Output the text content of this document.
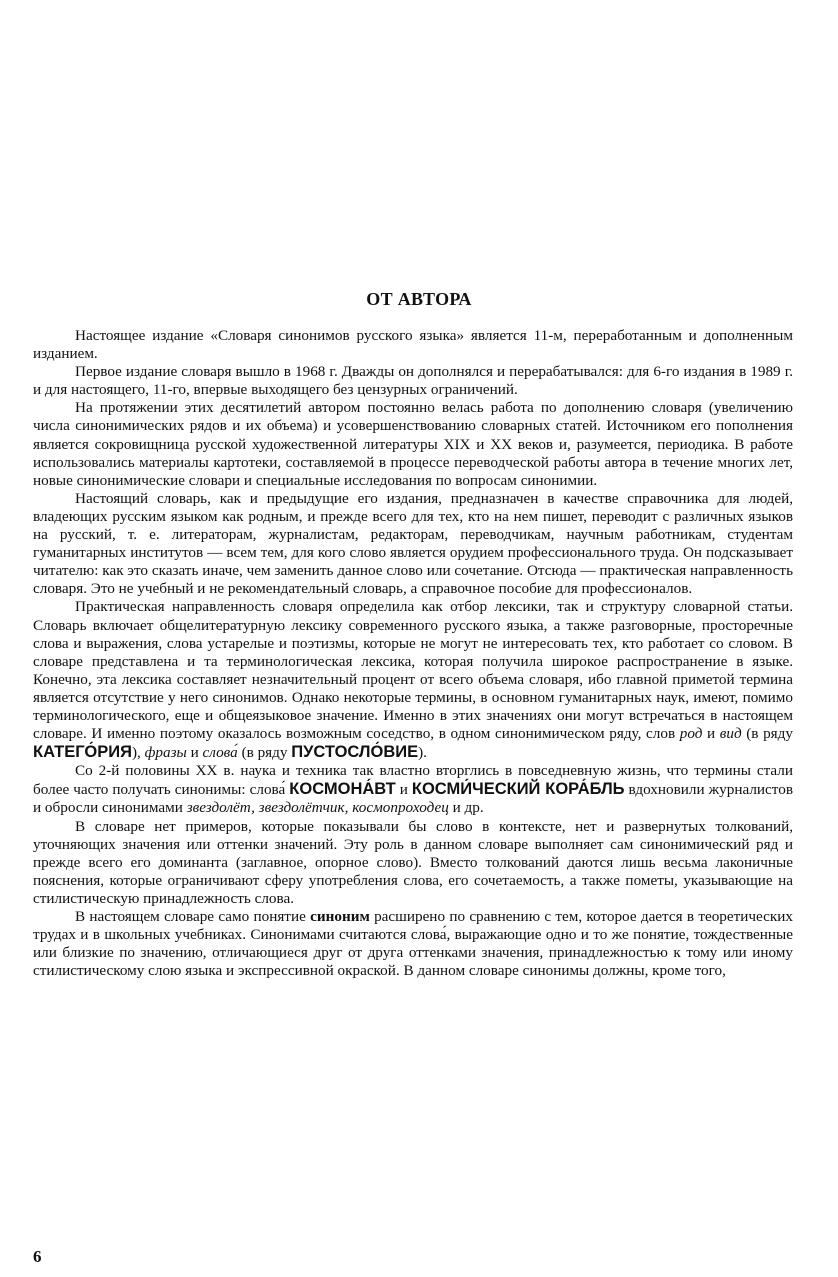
ОТ АВТОРА

Настоящее издание «Словаря синонимов русского языка» является 11-м, переработанным и дополненным изданием.

Первое издание словаря вышло в 1968 г. Дважды он дополнялся и перерабатывался: для 6-го издания в 1989 г. и для настоящего, 11-го, впервые выходящего без цензурных ограничений.

На протяжении этих десятилетий автором постоянно велась работа по дополнению словаря (увеличению числа синонимических рядов и их объема) и усовершенствованию словарных статей. Источником его пополнения является сокровищница русской художественной литературы XIX и XX веков и, разумеется, периодика. В работе использовались материалы картотеки, составляемой в процессе переводческой работы автора в течение многих лет, новые синонимические словари и специальные исследования по вопросам синонимии.

Настоящий словарь, как и предыдущие его издания, предназначен в качестве справочника для людей, владеющих русским языком как родным, и прежде всего для тех, кто на нем пишет, переводит с различных языков на русский, т. е. литераторам, журналистам, редакторам, переводчикам, научным работникам, студентам гуманитарных институтов — всем тем, для кого слово является орудием профессионального труда. Он подсказывает читателю: как это сказать иначе, чем заменить данное слово или сочетание. Отсюда — практическая направленность словаря. Это не учебный и не рекомендательный словарь, а справочное пособие для профессионалов.

Практическая направленность словаря определила как отбор лексики, так и структуру словарной статьи. Словарь включает общелитературную лексику современного русского языка, а также разговорные, просторечные слова и выражения, слова устарелые и поэтизмы, которые не могут не интересовать тех, кто работает со словом. В словаре представлена и та терминологическая лексика, которая получила широкое распространение в языке. Конечно, эта лексика составляет незначительный процент от всего объема словаря, ибо главной приметой термина является отсутствие у него синонимов. Однако некоторые термины, в основном гуманитарных наук, имеют, помимо терминологического, еще и общеязыковое значение. Именно в этих значениях они могут встречаться в настоящем словаре. И именно поэтому оказалось возможным соседство, в одном синонимическом ряду, слов род и вид (в ряду КАТЕГО́РИЯ), фразы и слова́ (в ряду ПУСТОСЛО́ВИЕ).

Со 2-й половины XX в. наука и техника так властно вторглись в повседневную жизнь, что термины стали более часто получать синонимы: слова́ КОСМОНА́ВТ и КОСМИ́ЧЕСКИЙ КОРА́БЛЬ вдохновили журналистов и обросли синонимами звездолёт, звездолётчик, космопроходец и др.

В словаре нет примеров, которые показывали бы слово в контексте, нет и развернутых толкований, уточняющих значения или оттенки значений. Эту роль в данном словаре выполняет сам синонимический ряд и прежде всего его доминанта (заглавное, опорное слово). Вместо толкований даются лишь весьма лаконичные пояснения, которые ограничивают сферу употребления слова, его сочетаемость, а также пометы, указывающие на стилистическую принадлежность слова.

В настоящем словаре само понятие синоним расширено по сравнению с тем, которое дается в теоретических трудах и в школьных учебниках. Синонимами считаются слова́, выражающие одно и то же понятие, тождественные или близкие по значению, отличающиеся друг от друга оттенками значения, принадлежностью к тому или иному стилистическому слою языка и экспрессивной окраской. В данном словаре синонимы должны, кроме того,

6
